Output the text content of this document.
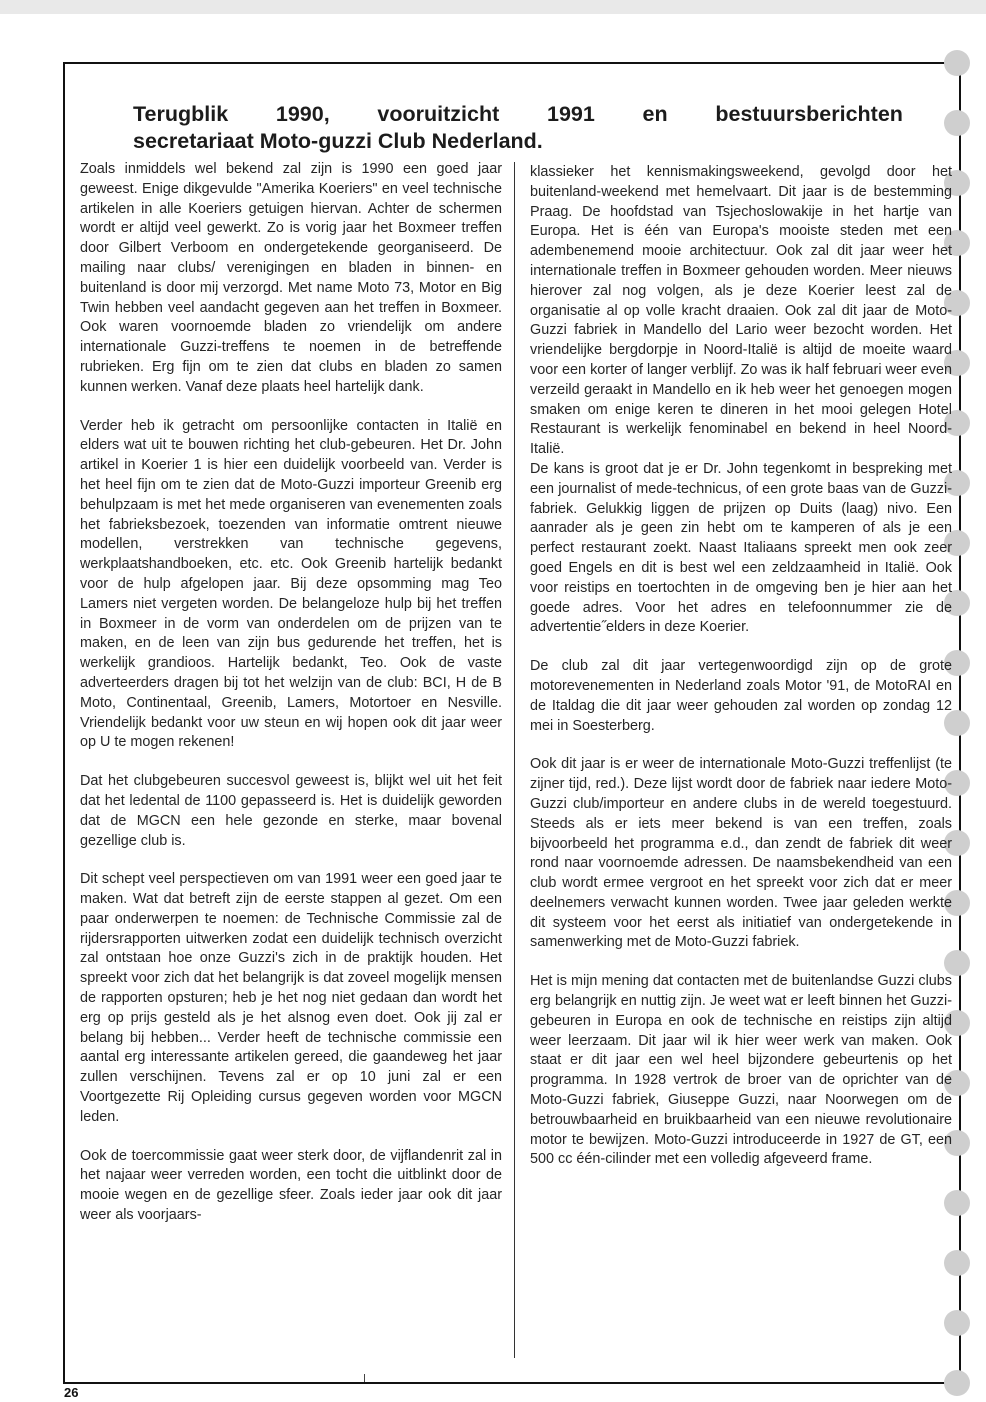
Terugblik 1990, vooruitzicht 1991 en bestuursberichten
secretariaat Moto-guzzi Club Nederland.

Zoals inmiddels wel bekend zal zijn is 1990 een goed jaar geweest. Enige dikgevulde "Amerika Koeriers" en veel technische artikelen in alle Koeriers getuigen hiervan. Achter de schermen wordt er altijd veel gewerkt. Zo is vorig jaar het Boxmeer treffen door Gilbert Verboom en ondergetekende georganiseerd. De mailing naar clubs/ verenigingen en bladen in binnen- en buitenland is door mij verzorgd. Met name Moto 73, Motor en Big Twin hebben veel aandacht gegeven aan het treffen in Boxmeer. Ook waren voornoemde bladen zo vriendelijk om andere internationale Guzzi-treffens te noemen in de betreffende rubrieken. Erg fijn om te zien dat clubs en bladen zo samen kunnen werken. Vanaf deze plaats heel hartelijk dank.

Verder heb ik getracht om persoonlijke contacten in Italië en elders wat uit te bouwen richting het club-gebeuren. Het Dr. John artikel in Koerier 1 is hier een duidelijk voorbeeld van. Verder is het heel fijn om te zien dat de Moto-Guzzi importeur Greenib erg behulpzaam is met het mede organiseren van evenementen zoals het fabrieksbezoek, toezenden van informatie omtrent nieuwe modellen, verstrekken van technische gegevens, werkplaatshandboeken, etc. etc. Ook Greenib hartelijk bedankt voor de hulp afgelopen jaar. Bij deze opsomming mag Teo Lamers niet vergeten worden. De belangeloze hulp bij het treffen in Boxmeer in de vorm van onderdelen om de prijzen van te maken, en de leen van zijn bus gedurende het treffen, het is werkelijk grandioos. Hartelijk bedankt, Teo. Ook de vaste adverteerders dragen bij tot het welzijn van de club: BCI, H de B Moto, Continentaal, Greenib, Lamers, Motortoer en Nesville. Vriendelijk bedankt voor uw steun en wij hopen ook dit jaar weer op U te mogen rekenen!

Dat het clubgebeuren succesvol geweest is, blijkt wel uit het feit dat het ledental de 1100 gepasseerd is. Het is duidelijk geworden dat de MGCN een hele gezonde en sterke, maar bovenal gezellige club is.

Dit schept veel perspectieven om van 1991 weer een goed jaar te maken. Wat dat betreft zijn de eerste stappen al gezet. Om een paar onderwerpen te noemen: de Technische Commissie zal de rijdersrapporten uitwerken zodat een duidelijk technisch overzicht zal ontstaan hoe onze Guzzi's zich in de praktijk houden. Het spreekt voor zich dat het belangrijk is dat zoveel mogelijk mensen de rapporten opsturen; heb je het nog niet gedaan dan wordt het erg op prijs gesteld als je het alsnog even doet. Ook jij zal er belang bij hebben... Verder heeft de technische commissie een aantal erg interessante artikelen gereed, die gaandeweg het jaar zullen verschijnen. Tevens zal er op 10 juni zal er een Voortgezette Rij Opleiding cursus gegeven worden voor MGCN leden.

Ook de toercommissie gaat weer sterk door, de vijflandenrit zal in het najaar weer verreden worden, een tocht die uitblinkt door de mooie wegen en de gezellige sfeer. Zoals ieder jaar ook dit jaar weer als voorjaars-

klassieker het kennismakingsweekend, gevolgd door het buitenland-weekend met hemelvaart. Dit jaar is de bestemming Praag. De hoofdstad van Tsjechoslowakije in het hartje van Europa. Het is één van Europa's mooiste steden met een adembenemend mooie architectuur. Ook zal dit jaar weer het internationale treffen in Boxmeer gehouden worden. Meer nieuws hierover zal nog volgen, als je deze Koerier leest zal de organisatie al op volle kracht draaien. Ook zal dit jaar de Moto-Guzzi fabriek in Mandello del Lario weer bezocht worden. Het vriendelijke bergdorpje in Noord-Italië is altijd de moeite waard voor een korter of langer verblijf. Zo was ik half februari weer even verzeild geraakt in Mandello en ik heb weer het genoegen mogen smaken om enige keren te dineren in het mooi gelegen Hotel Restaurant is werkelijk fenominabel en bekend in heel Noord-Italië.

De kans is groot dat je er Dr. John tegenkomt in bespreking met een journalist of mede-technicus, of een grote baas van de Guzzi-fabriek. Gelukkig liggen de prijzen op Duits (laag) nivo. Een aanrader als je geen zin hebt om te kamperen of als je een perfect restaurant zoekt. Naast Italiaans spreekt men ook zeer goed Engels en dit is best wel een zeldzaamheid in Italië. Ook voor reistips en toertochten in de omgeving ben je hier aan het goede adres. Voor het adres en telefoonnummer zie de advertentie˝elders in deze Koerier.

De club zal dit jaar vertegenwoordigd zijn op de grote motorevenementen in Nederland zoals Motor '91, de MotoRAI en de Italdag die dit jaar weer gehouden zal worden op zondag 12 mei in Soesterberg.

Ook dit jaar is er weer de internationale Moto-Guzzi treffenlijst (te zijner tijd, red.). Deze lijst wordt door de fabriek naar iedere Moto-Guzzi club/importeur en andere clubs in de wereld toegestuurd. Steeds als er iets meer bekend is van een treffen, zoals bijvoorbeeld het programma e.d., dan zendt de fabriek dit weer rond naar voornoemde adressen. De naamsbekendheid van een club wordt ermee vergroot en het spreekt voor zich dat er meer deelnemers verwacht kunnen worden. Twee jaar geleden werkte dit systeem voor het eerst als initiatief van ondergetekende in samenwerking met de Moto-Guzzi fabriek.

Het is mijn mening dat contacten met de buitenlandse Guzzi clubs erg belangrijk en nuttig zijn. Je weet wat er leeft binnen het Guzzi-gebeuren in Europa en ook de technische en reistips zijn altijd weer leerzaam. Dit jaar wil ik hier weer werk van maken. Ook staat er dit jaar een wel heel bijzondere gebeurtenis op het programma. In 1928 vertrok de broer van de oprichter van de Moto-Guzzi fabriek, Giuseppe Guzzi, naar Noorwegen om de betrouwbaarheid en bruikbaarheid van een nieuwe revolutionaire motor te bewijzen. Moto-Guzzi introduceerde in 1927 de GT, een 500 cc één-cilinder met een volledig afgeveerd frame.

26
